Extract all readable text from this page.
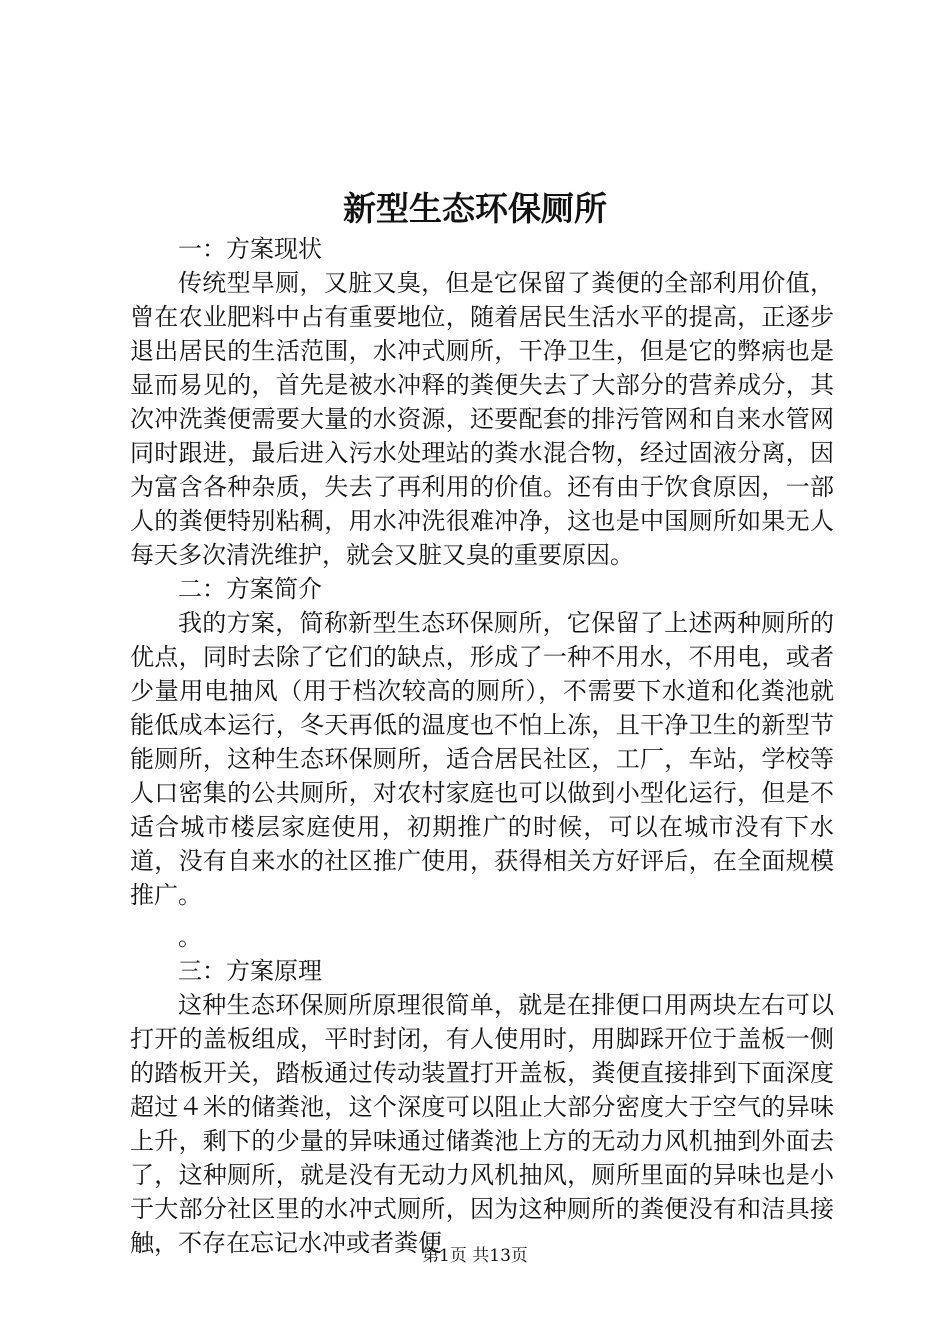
新型生态环保厕所

一：方案现状

传统型旱厕，又脏又臭，但是它保留了粪便的全部利用价值，曾在农业肥料中占有重要地位，随着居民生活水平的提高，正逐步退出居民的生活范围，水冲式厕所，干净卫生，但是它的弊病也是显而易见的，首先是被水冲释的粪便失去了大部分的营养成分，其次冲洗粪便需要大量的水资源，还要配套的排污管网和自来水管网同时跟进，最后进入污水处理站的粪水混合物，经过固液分离，因为富含各种杂质，失去了再利用的价值。还有由于饮食原因，一部人的粪便特别粘稠，用水冲洗很难冲净，这也是中国厕所如果无人每天多次清洗维护，就会又脏又臭的重要原因。

二：方案简介

我的方案，简称新型生态环保厕所，它保留了上述两种厕所的优点，同时去除了它们的缺点，形成了一种不用水，不用电，或者少量用电抽风（用于档次较高的厕所），不需要下水道和化粪池就能低成本运行，冬天再低的温度也不怕上冻，且干净卫生的新型节能厕所，这种生态环保厕所，适合居民社区，工厂，车站，学校等人口密集的公共厕所，对农村家庭也可以做到小型化运行，但是不适合城市楼层家庭使用，初期推广的时候，可以在城市没有下水道，没有自来水的社区推广使用，获得相关方好评后，在全面规模推广。

。

三：方案原理

这种生态环保厕所原理很简单，就是在排便口用两块左右可以打开的盖板组成，平时封闭，有人使用时，用脚踩开位于盖板一侧的踏板开关，踏板通过传动装置打开盖板，粪便直接排到下面深度超过４米的储粪池，这个深度可以阻止大部分密度大于空气的异味上升，剩下的少量的异味通过储粪池上方的无动力风机抽到外面去了，这种厕所，就是没有无动力风机抽风，厕所里面的异味也是小于大部分社区里的水冲式厕所，因为这种厕所的粪便没有和洁具接触，不存在忘记水冲或者粪便

第1页 共13页
